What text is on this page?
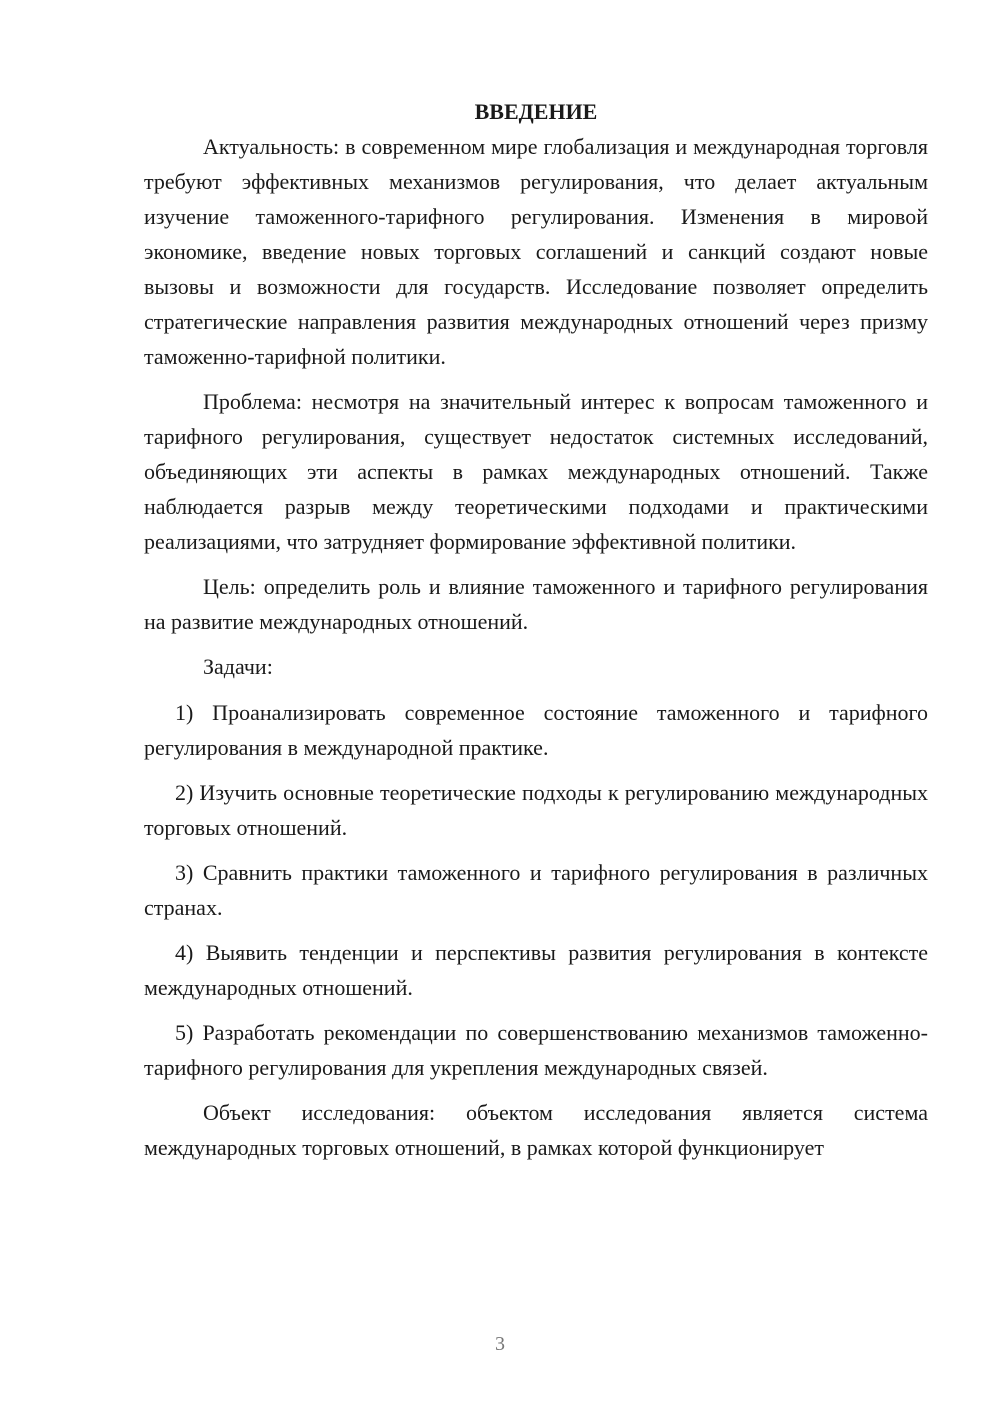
ВВЕДЕНИЕ

Актуальность: в современном мире глобализация и международная торговля требуют эффективных механизмов регулирования, что делает актуальным изучение таможенного-тарифного регулирования. Изменения в мировой экономике, введение новых торговых соглашений и санкций создают новые вызовы и возможности для государств. Исследование позволяет определить стратегические направления развития международных отношений через призму таможенно-тарифной политики.

Проблема: несмотря на значительный интерес к вопросам таможенного и тарифного регулирования, существует недостаток системных исследований, объединяющих эти аспекты в рамках международных отношений. Также наблюдается разрыв между теоретическими подходами и практическими реализациями, что затрудняет формирование эффективной политики.

Цель: определить роль и влияние таможенного и тарифного регулирования на развитие международных отношений.

Задачи:

1) Проанализировать современное состояние таможенного и тарифного регулирования в международной практике.

2) Изучить основные теоретические подходы к регулированию международных торговых отношений.

3) Сравнить практики таможенного и тарифного регулирования в различных странах.

4) Выявить тенденции и перспективы развития регулирования в контексте международных отношений.

5) Разработать рекомендации по совершенствованию механизмов таможенно-тарифного регулирования для укрепления международных связей.

Объект исследования: объектом исследования является система международных торговых отношений, в рамках которой функционирует

3
